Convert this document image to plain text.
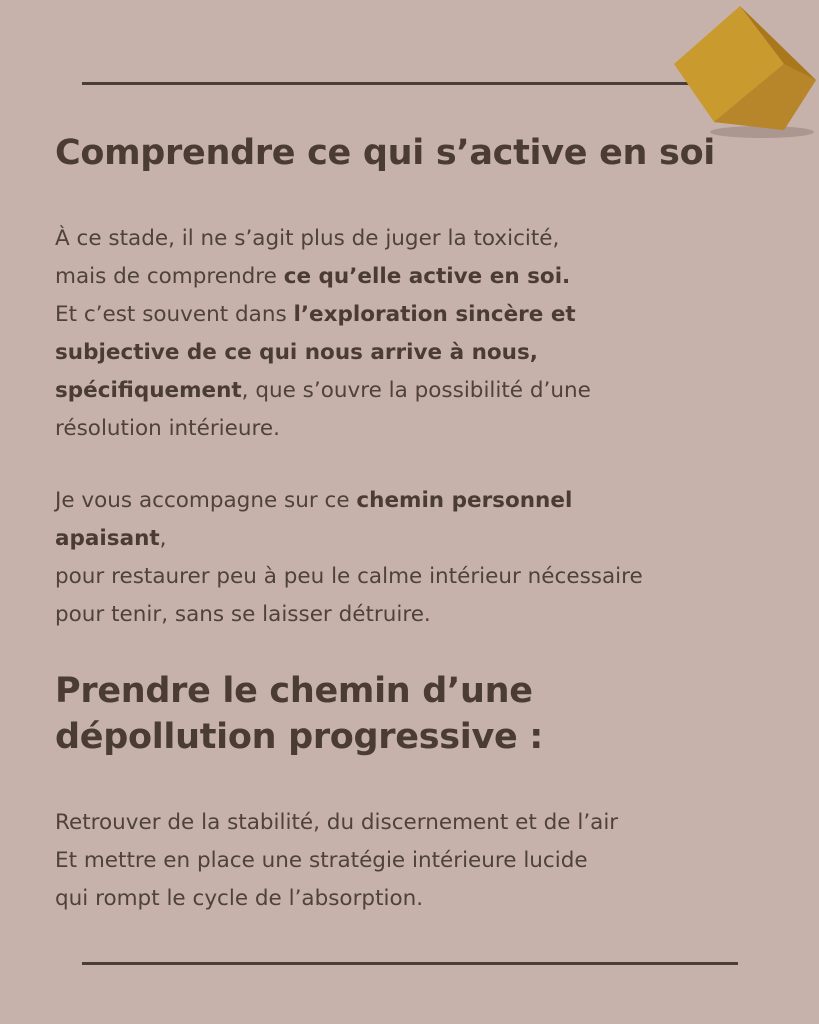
Comprendre ce qui s’active en soi

À ce stade, il ne s’agit plus de juger la toxicité,
mais de comprendre ce qu’elle active en soi.
Et c’est souvent dans l’exploration sincère et
subjective de ce qui nous arrive à nous,
spécifiquement, que s’ouvre la possibilité d’une
résolution intérieure.

Je vous accompagne sur ce chemin personnel
apaisant,
pour restaurer peu à peu le calme intérieur nécessaire
pour tenir, sans se laisser détruire.

Prendre le chemin d’une
dépollution progressive :

Retrouver de la stabilité, du discernement et de l’air
Et mettre en place une stratégie intérieure lucide
qui rompt le cycle de l’absorption.
